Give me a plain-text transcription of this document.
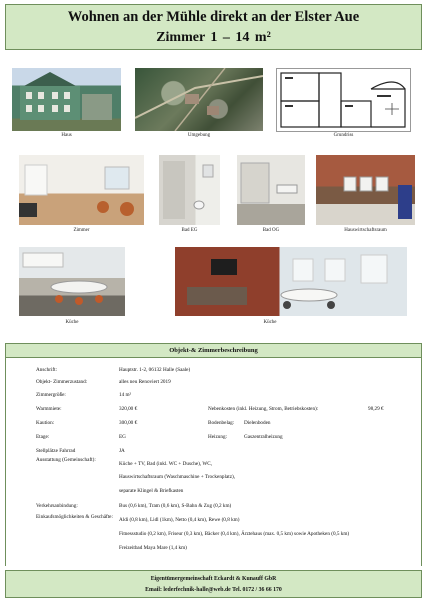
Wohnen an der Mühle direkt an der Elster Aue
Zimmer 1 – 14 m²
Haus	Umgebung	Grundriss
Zimmer	Bad EG	Bad OG	Hauswirtschaftsraum
Küche	Küche
Objekt-& Zimmerbeschreibung
Anschrift:	Hauptstr. 1-2, 06132 Halle (Saale)
Objekt- Zimmerzustand:	alles neu Renoviert 2019
Zimmergröße:	14 m²
Warmmiete:	320,00 €	Nebenkosten (inkl. Heizung, Strom, Betriebskosten):	98,29 €
Kaution:	300,00 €	Bodenbelag: Dielenboden
Etage:	EG	Heizung:	Gaszentralheizung
Stellplätze Fahrrad	JA
Ausstattung (Gemeinschaft):
Küche + TV, Bad (inkl. WC + Dusche), WC,
Hauswirtschaftsraum (Waschmaschine + Trockenplatz),
separate Klingel & Briefkasten
Verkehrsanbindung:	Bus (0,6 km), Tram (0,6 km), S-Bahn & Zug (0,2 km)
Einkaufsmöglichkeiten & Geschäfte: Aldi (0,8 km), Lidl (1km), Netto (0,4 km), Rewe (0,8 km)
Fitnessstudio (0,2 km), Friseur (0,3 km), Bäcker (0,4 km), Ärztehaus (max. 0,5 km) sowie Apotheken (0,5 km)
Freizeitbad Maya Mare (1,4 km)
Eigentümergemeinschaft Eckardt & Kunauff GbR
Email: lederfechnik-halle@web.de Tel. 0172 / 36 66 170
